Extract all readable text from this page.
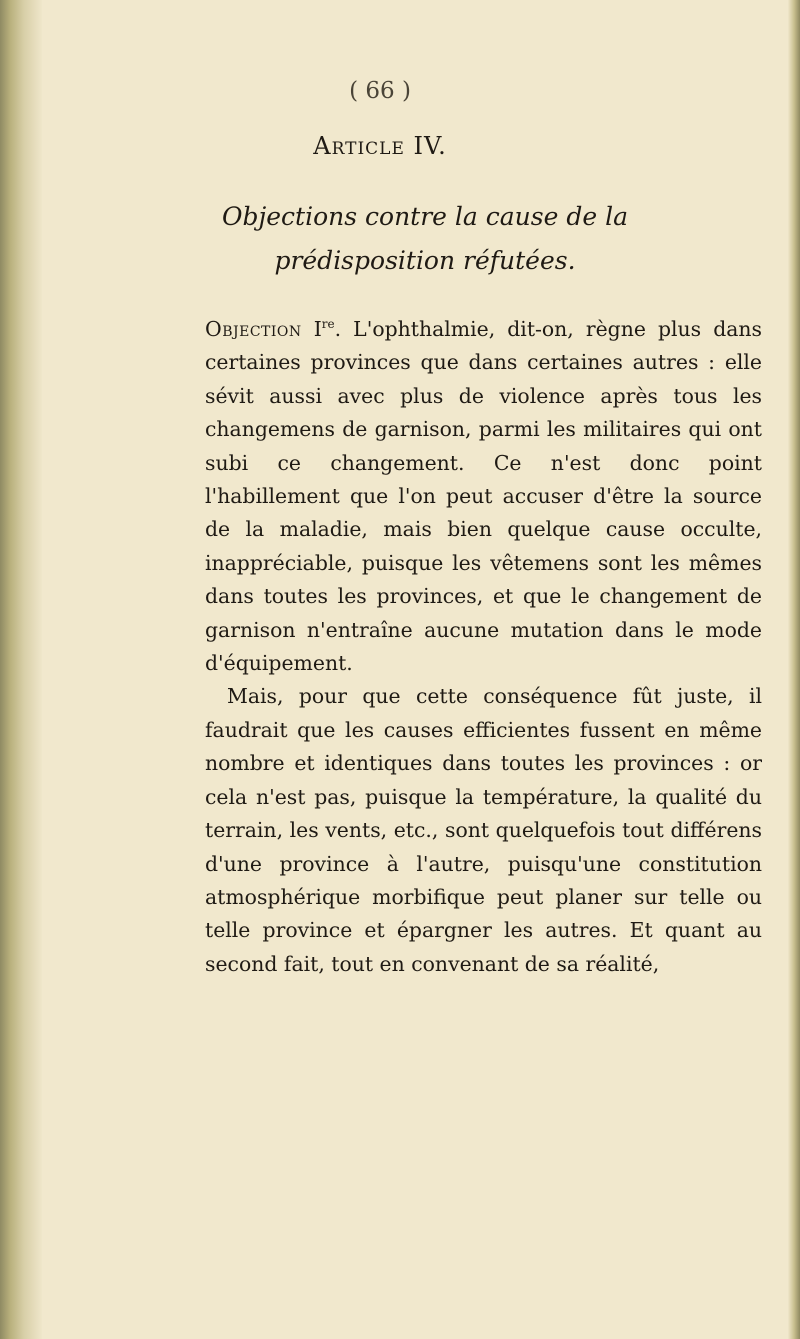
( 66 )
Article IV.
Objections contre la cause de la prédisposition réfutées.

Objection Ire. L'ophthalmie, dit-on, règne plus dans certaines provinces que dans certaines autres : elle sévit aussi avec plus de violence après tous les changemens de garnison, parmi les militaires qui ont subi ce changement. Ce n'est donc point l'habillement que l'on peut accuser d'être la source de la maladie, mais bien quelque cause occulte, inappréciable, puisque les vêtemens sont les mêmes dans toutes les provinces, et que le changement de garnison n'entraîne aucune mutation dans le mode d'équipement.

Mais, pour que cette conséquence fût juste, il faudrait que les causes efficientes fussent en même nombre et identiques dans toutes les provinces : or cela n'est pas, puisque la température, la qualité du terrain, les vents, etc., sont quelquefois tout différens d'une province à l'autre, puisqu'une constitution atmosphérique morbifique peut planer sur telle ou telle province et épargner les autres. Et quant au second fait, tout en convenant de sa réalité,
